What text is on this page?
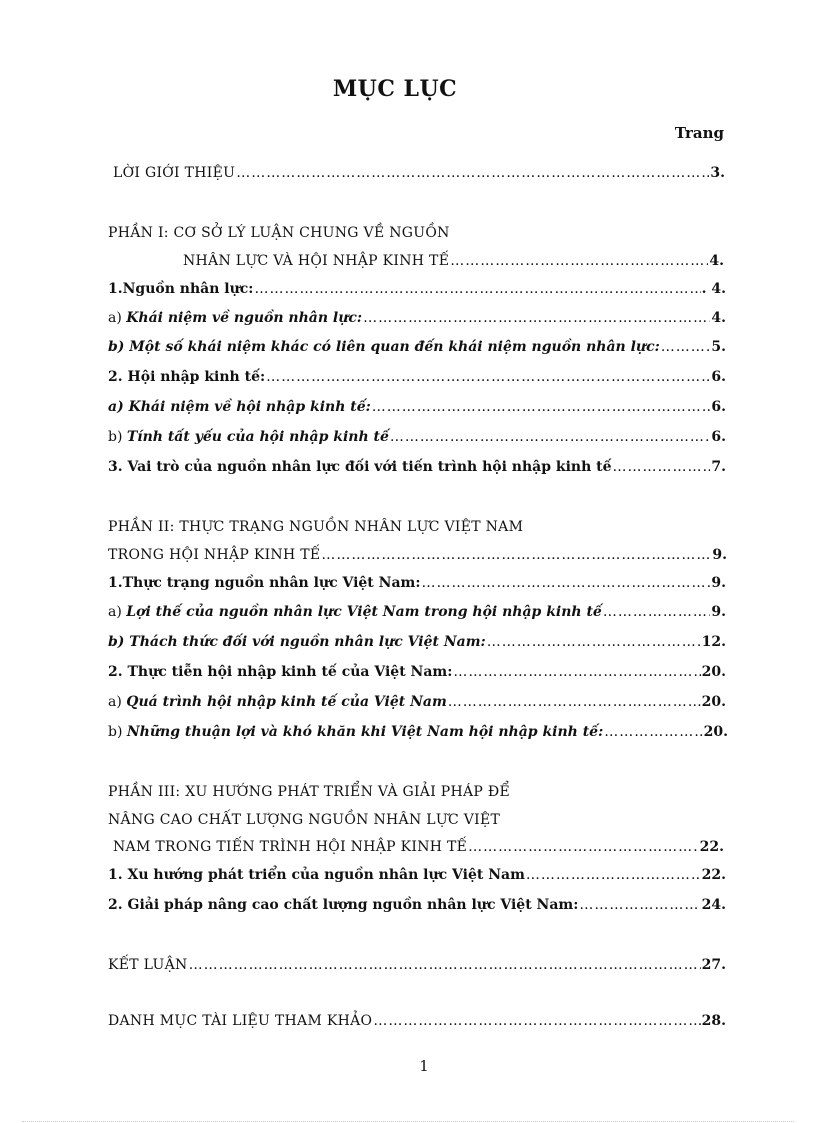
MỤC LỤC
Trang
LỜI GIỚI THIỆU …………………………………………………………………………………………………………………………………………………………………………………………………………	3.
PHẦN I: CƠ SỞ LÝ LUẬN CHUNG VỀ NGUỒN
NHÂN LỰC VÀ HỘI NHẬP KINH TẾ …………………………………………………………………………………………………………………………………………………………………………………………………………	4.
1.Nguồn nhân lực: …………………………………………………………………………………………………………………………………………………………………………………………………………	. 4.
a) Khái niệm về nguồn nhân lực: …………………………………………………………………………………………………………………………………………………………………………………………………………	4.
b) Một số khái niệm khác có liên quan đến khái niệm nguồn nhân lực: …………………………………………………………………………………………………………………………………………………………………………………………………………	5.
2. Hội nhập kinh tế: …………………………………………………………………………………………………………………………………………………………………………………………………………	6.
a) Khái niệm về hội nhập kinh tế: …………………………………………………………………………………………………………………………………………………………………………………………………………	6.
b) Tính tất yếu của hội nhập kinh tế …………………………………………………………………………………………………………………………………………………………………………………………………………	6.
3. Vai trò của nguồn nhân lực đối với tiến trình hội nhập kinh tế …………………………………………………………………………………………………………………………………………………………………………………………………………	7.
PHẦN II: THỰC TRẠNG NGUỒN NHÂN LỰC VIỆT NAM
TRONG HỘI NHẬP KINH TẾ …………………………………………………………………………………………………………………………………………………………………………………………………………	9.
1.Thực trạng nguồn nhân lực Việt Nam: …………………………………………………………………………………………………………………………………………………………………………………………………………	9.
a) Lợi thế của nguồn nhân lực Việt Nam trong hội nhập kinh tế …………………………………………………………………………………………………………………………………………………………………………………………………………	9.
b) Thách thức đối với nguồn nhân lực Việt Nam: …………………………………………………………………………………………………………………………………………………………………………………………………………	12.
2. Thực tiễn hội nhập kinh tế của Việt Nam: …………………………………………………………………………………………………………………………………………………………………………………………………………	20.
a) Quá trình hội nhập kinh tế của Việt Nam …………………………………………………………………………………………………………………………………………………………………………………………………………	20.
b) Những thuận lợi và khó khăn khi Việt Nam hội nhập kinh tế: …………………………………………………………………………………………………………………………………………………………………………………………………………	20.
PHẦN III: XU HƯỚNG PHÁT TRIỂN VÀ GIẢI PHÁP ĐỂ
NÂNG CAO CHẤT LƯỢNG NGUỒN NHÂN LỰC VIỆT
NAM TRONG TIẾN TRÌNH HỘI NHẬP KINH TẾ …………………………………………………………………………………………………………………………………………………………………………………………………………	22.
1. Xu hướng phát triển của nguồn nhân lực Việt Nam …………………………………………………………………………………………………………………………………………………………………………………………………………	22.
2. Giải pháp nâng cao chất lượng nguồn nhân lực Việt Nam: …………………………………………………………………………………………………………………………………………………………………………………………………………	24.
KẾT LUẬN …………………………………………………………………………………………………………………………………………………………………………………………………………	27.
DANH MỤC TÀI LIỆU THAM KHẢO …………………………………………………………………………………………………………………………………………………………………………………………………………	28.
1
